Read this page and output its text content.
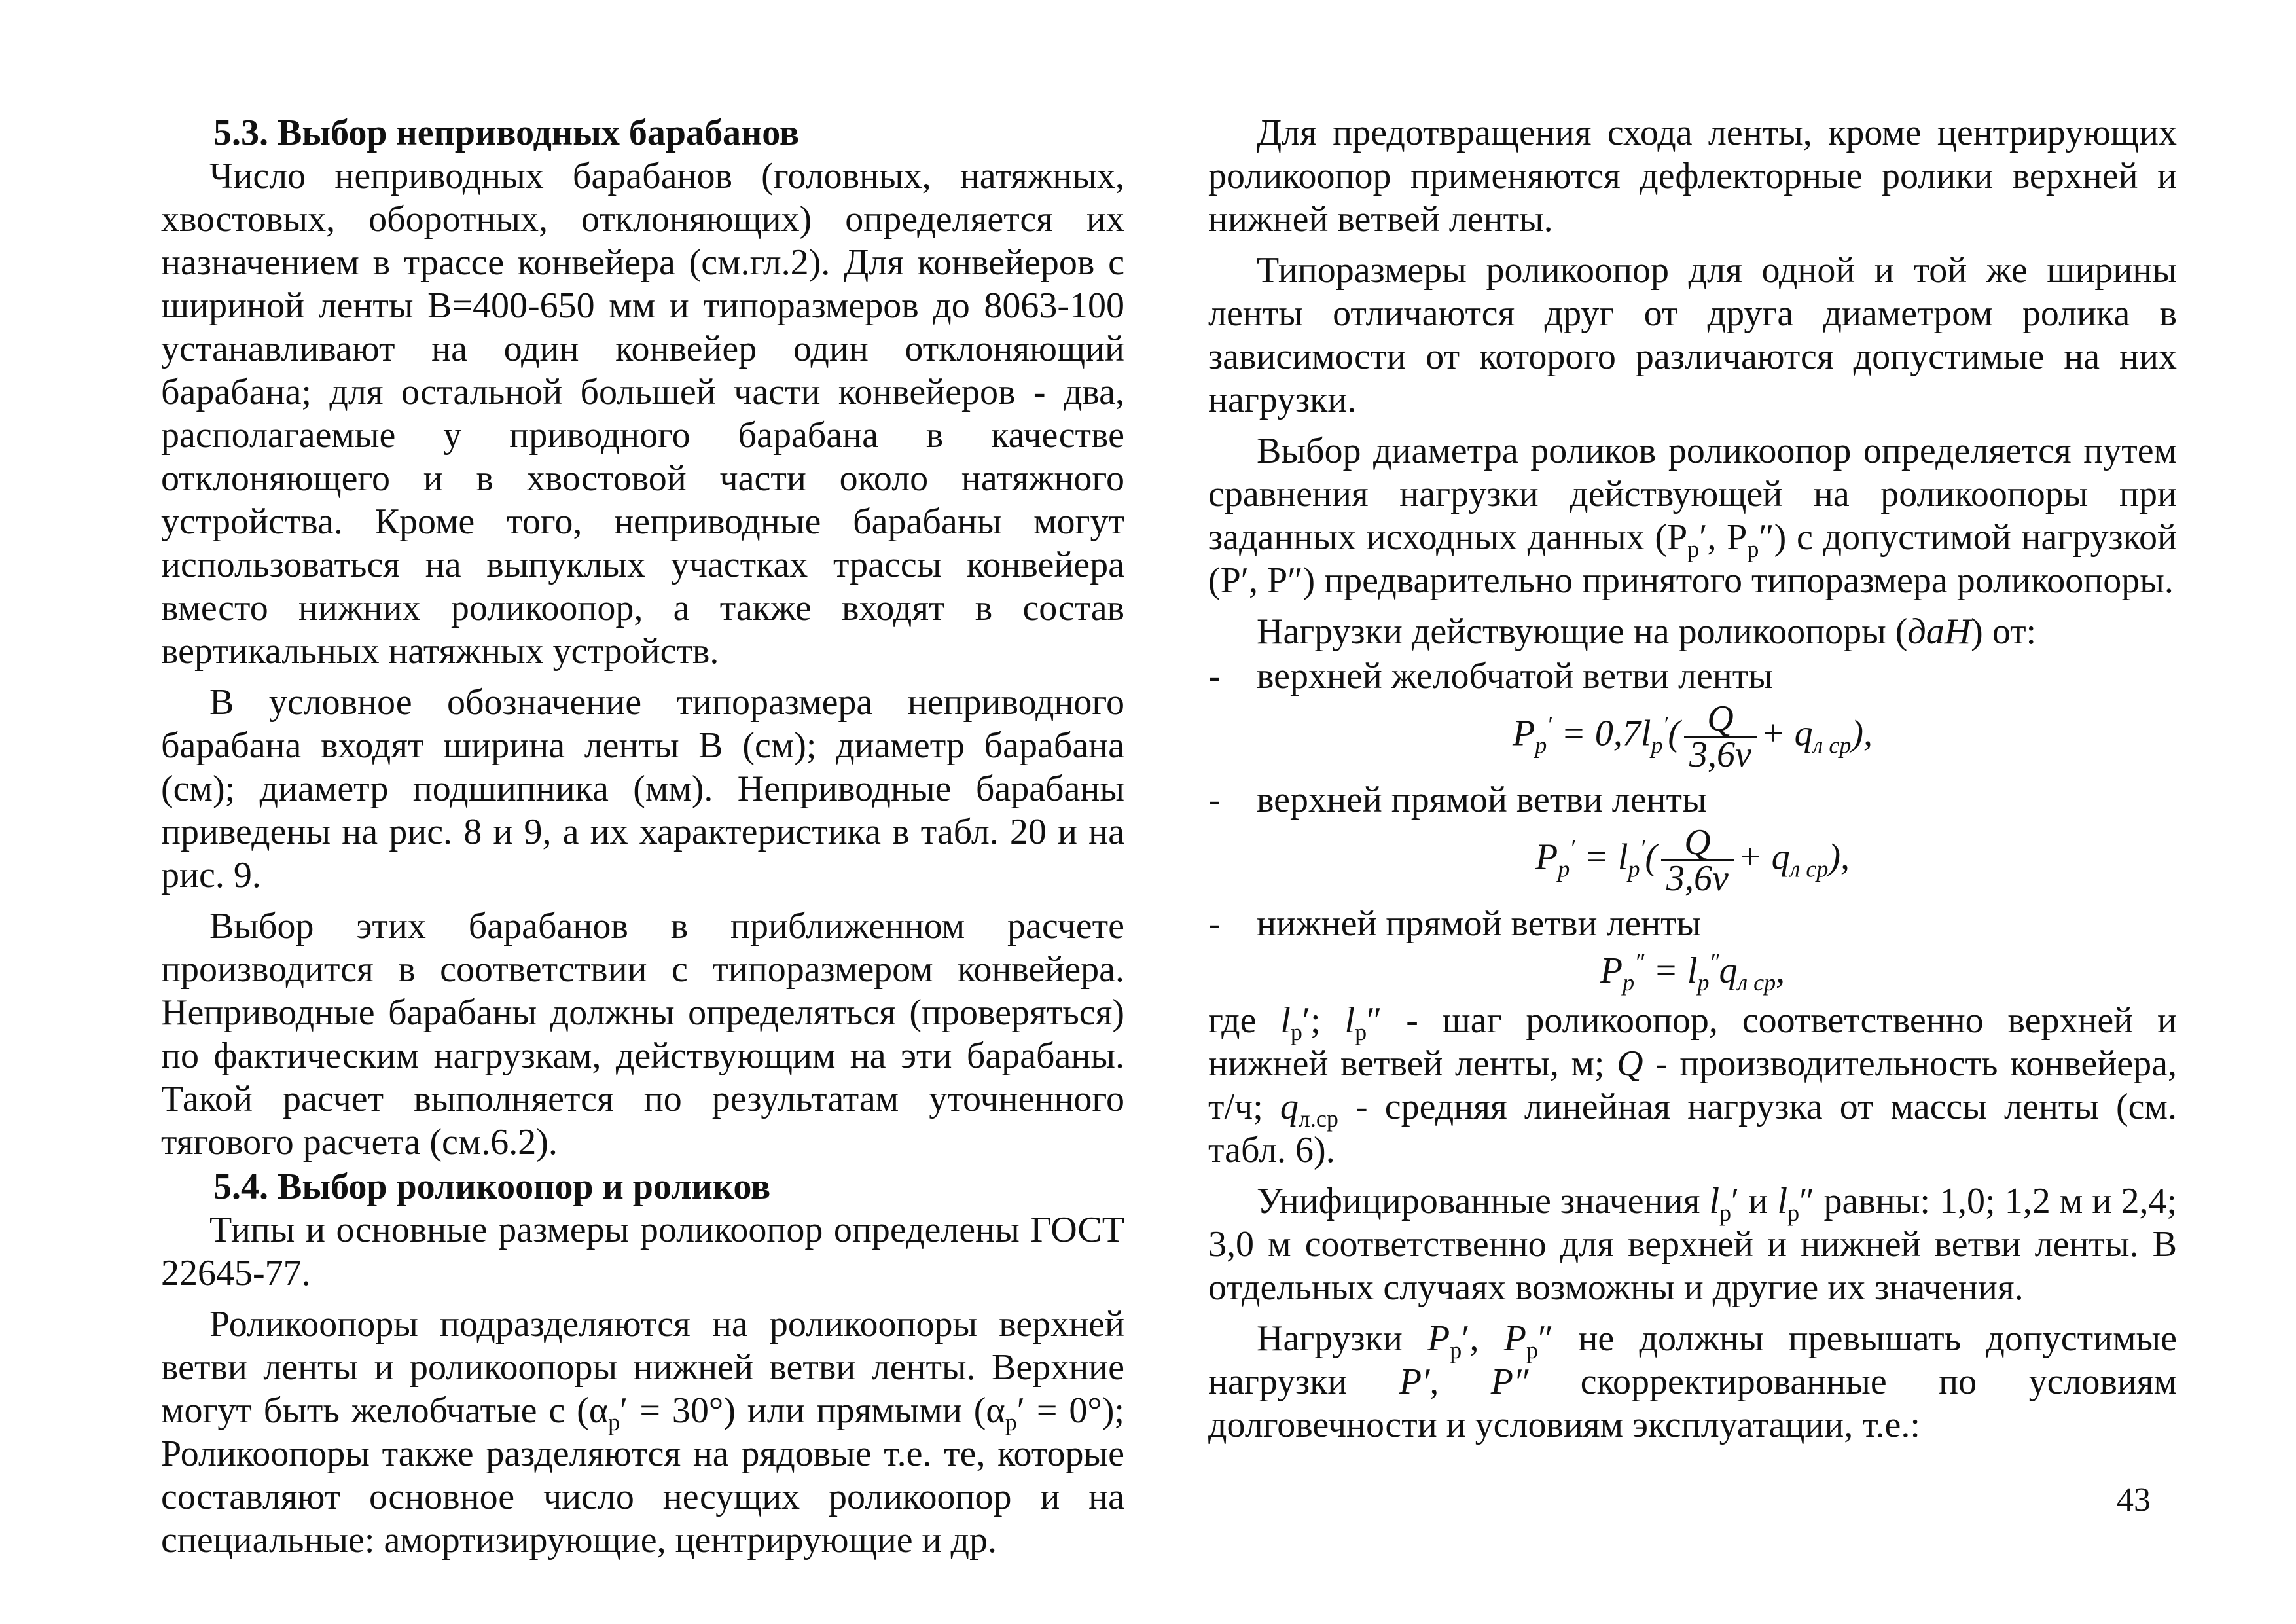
5.3. Выбор неприводных барабанов

Число неприводных барабанов (головных, натяжных, хвостовых, оборотных, отклоняющих) определяется их назначением в трассе конвейера (см.гл.2). Для конвейеров с шириной ленты В=400-650 мм и типоразмеров до 8063-100 устанавливают на один конвейер один отклоняющий барабана; для остальной большей части конвейеров - два, располагаемые у приводного барабана в качестве отклоняющего и в хвостовой части около натяжного устройства. Кроме того, неприводные барабаны могут использоваться на выпуклых участках трассы конвейера вместо нижних роликоопор, а также входят в состав вертикальных натяжных устройств.

В условное обозначение типоразмера неприводного барабана входят ширина ленты В (см); диаметр барабана (см); диаметр подшипника (мм). Неприводные барабаны приведены на рис. 8 и 9, а их характеристика в табл. 20 и на рис. 9.

Выбор этих барабанов в приближенном расчете производится в соответствии с типоразмером конвейера. Неприводные барабаны должны определяться (проверяться) по фактическим нагрузкам, действующим на эти барабаны. Такой расчет выполняется по результатам уточненного тягового расчета (см.6.2).

5.4. Выбор роликоопор и роликов

Типы и основные размеры роликоопор определены ГОСТ 22645-77.

Роликоопоры подразделяются на роликоопоры верхней ветви ленты и роликоопоры нижней ветви ленты. Верхние могут быть желобчатые с $(\alpha_р' = 30^\circ)$ или прямыми $(\alpha_р' = 0^\circ)$; Роликоопоры также разделяются на рядовые т.е. те, которые составляют основное число несущих роликоопор и на специальные: амортизирующие, центрирующие и др.

Для предотвращения схода ленты, кроме центрирующих роликоопор применяются дефлекторные ролики верхней и нижней ветвей ленты.

Типоразмеры роликоопор для одной и той же ширины ленты отличаются друг от друга диаметром ролика в зависимости от которого различаются допустимые на них нагрузки.

Выбор диаметра роликов роликоопор определяется путем сравнения нагрузки действующей на роликоопоры при заданных исходных данных ($P_p'$, $P_p''$) с допустимой нагрузкой (P′, P″) предварительно принятого типоразмера роликоопоры.

Нагрузки действующие на роликоопоры (даН) от:

- верхней желобчатой ветви ленты
$P_p' = 0,7l_p'( \frac{Q}{3,6v} + q_{л ср})$,
- верхней прямой ветви ленты
$P_p' = l_p'( \frac{Q}{3,6v} + q_{л ср})$,
- нижней прямой ветви ленты
$P_p'' = l_p''q_{л ср}$,

где $l_p'$; $l_p''$ - шаг роликоопор, соответственно верхней и нижней ветвей ленты, м; Q - производительность конвейера, т/ч; $q_{л.ср}$ - средняя линейная нагрузка от массы ленты (см. табл. 6).

Унифицированные значения $l_p'$ и $l_p''$ равны: 1,0; 1,2 м и 2,4; 3,0 м соответственно для верхней и нижней ветви ленты. В отдельных случаях возможны и другие их значения.

Нагрузки $P_p'$, $P_p''$ не должны превышать допустимые нагрузки P′, P″ скорректированные по условиям долговечности и условиям эксплуатации, т.е.:

43
